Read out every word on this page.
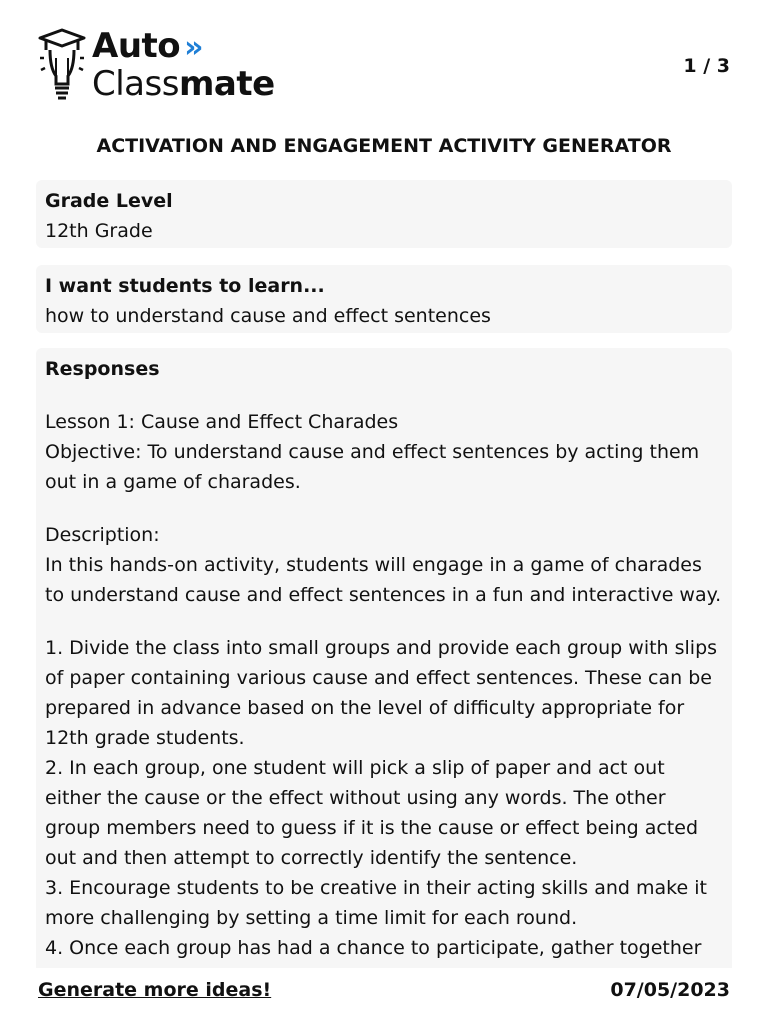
Auto »
Classmate	1 / 3
ACTIVATION AND ENGAGEMENT ACTIVITY GENERATOR
Grade Level
12th Grade
I want students to learn...
how to understand cause and effect sentences
Responses

Lesson 1: Cause and Effect Charades

Objective: To understand cause and effect sentences by acting them out in a game of charades.

Description:

In this hands-on activity, students will engage in a game of charades to understand cause and effect sentences in a fun and interactive way.

1. Divide the class into small groups and provide each group with slips of paper containing various cause and effect sentences. These can be prepared in advance based on the level of difficulty appropriate for 12th grade students.

2. In each group, one student will pick a slip of paper and act out either the cause or the effect without using any words. The other group members need to guess if it is the cause or effect being acted out and then attempt to correctly identify the sentence.

3. Encourage students to be creative in their acting skills and make it more challenging by setting a time limit for each round.

4. Once each group has had a chance to participate, gather together

Generate more ideas!	07/05/2023
